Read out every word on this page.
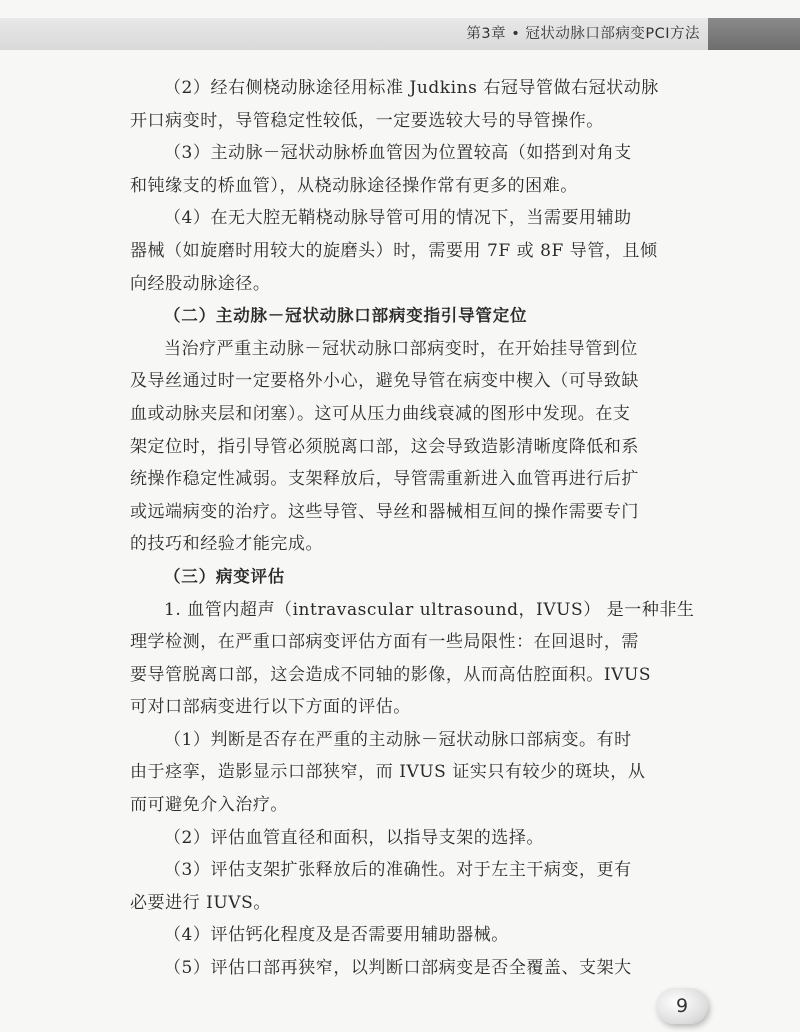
第3章 • 冠状动脉口部病变PCI方法
（2）经右侧桡动脉途径用标准 Judkins 右冠导管做右冠状动脉
开口病变时，导管稳定性较低，一定要选较大号的导管操作。
（3）主动脉－冠状动脉桥血管因为位置较高（如搭到对角支
和钝缘支的桥血管），从桡动脉途径操作常有更多的困难。
（4）在无大腔无鞘桡动脉导管可用的情况下，当需要用辅助
器械（如旋磨时用较大的旋磨头）时，需要用 7F 或 8F 导管，且倾
向经股动脉途径。
（二）主动脉－冠状动脉口部病变指引导管定位
当治疗严重主动脉－冠状动脉口部病变时，在开始挂导管到位
及导丝通过时一定要格外小心，避免导管在病变中楔入（可导致缺
血或动脉夹层和闭塞）。这可从压力曲线衰减的图形中发现。在支
架定位时，指引导管必须脱离口部，这会导致造影清晰度降低和系
统操作稳定性减弱。支架释放后，导管需重新进入血管再进行后扩
或远端病变的治疗。这些导管、导丝和器械相互间的操作需要专门
的技巧和经验才能完成。
（三）病变评估
1. 血管内超声（intravascular ultrasound，IVUS） 是一种非生
理学检测，在严重口部病变评估方面有一些局限性：在回退时，需
要导管脱离口部，这会造成不同轴的影像，从而高估腔面积。IVUS
可对口部病变进行以下方面的评估。
（1）判断是否存在严重的主动脉－冠状动脉口部病变。有时
由于痉挛，造影显示口部狭窄，而 IVUS 证实只有较少的斑块，从
而可避免介入治疗。
（2）评估血管直径和面积，以指导支架的选择。
（3）评估支架扩张释放后的准确性。对于左主干病变，更有
必要进行 IUVS。
（4）评估钙化程度及是否需要用辅助器械。
（5）评估口部再狭窄，以判断口部病变是否全覆盖、支架大
9
